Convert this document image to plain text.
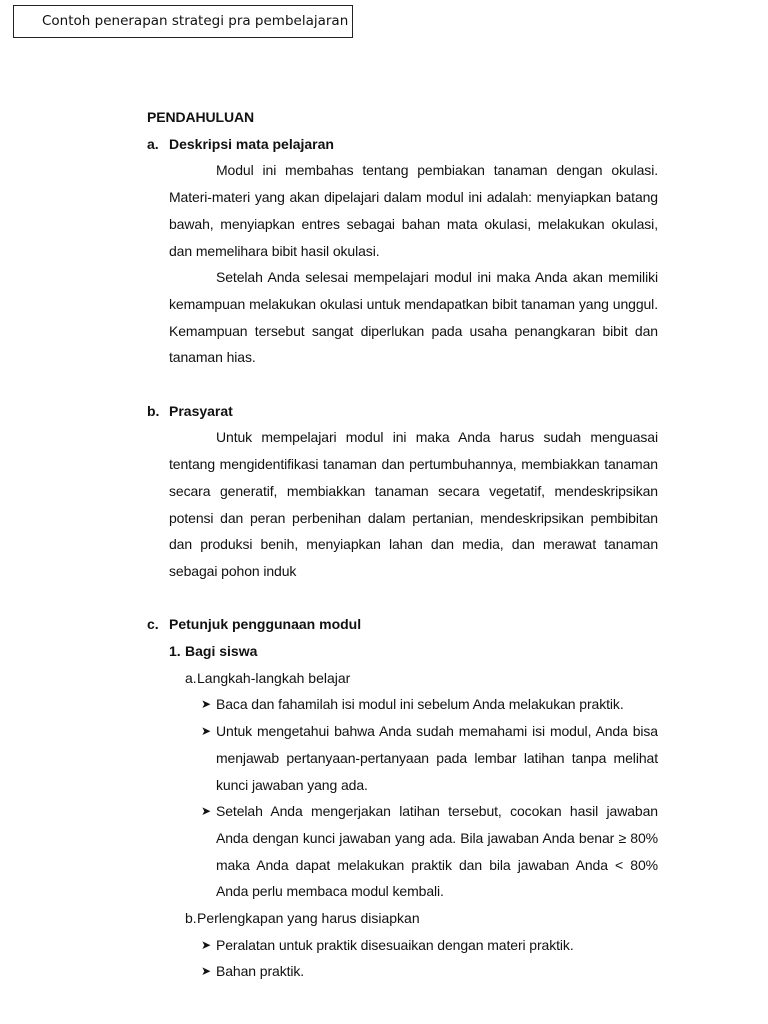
Contoh penerapan strategi pra pembelajaran
PENDAHULUAN
a. Deskripsi mata pelajaran

Modul ini membahas tentang pembiakan tanaman dengan okulasi. Materi-materi yang akan dipelajari dalam modul ini adalah: menyiapkan batang bawah, menyiapkan entres sebagai bahan mata okulasi, melakukan okulasi, dan memelihara bibit hasil okulasi.

Setelah Anda selesai mempelajari modul ini maka Anda akan memiliki kemampuan melakukan okulasi untuk mendapatkan bibit tanaman yang unggul. Kemampuan tersebut sangat diperlukan pada usaha penangkaran bibit dan tanaman hias.

b. Prasyarat

Untuk mempelajari modul ini maka Anda harus sudah menguasai tentang mengidentifikasi tanaman dan pertumbuhannya, membiakkan tanaman secara generatif, membiakkan tanaman secara vegetatif, mendeskripsikan potensi dan peran perbenihan dalam pertanian, mendeskripsikan pembibitan dan produksi benih, menyiapkan lahan dan media, dan merawat tanaman sebagai pohon induk

c. Petunjuk penggunaan modul
1. Bagi siswa
a. Langkah-langkah belajar
➤ Baca dan fahamilah isi modul ini sebelum Anda melakukan praktik.
➤ Untuk mengetahui bahwa Anda sudah memahami isi modul, Anda bisa menjawab pertanyaan-pertanyaan pada lembar latihan tanpa melihat kunci jawaban yang ada.
➤ Setelah Anda mengerjakan latihan tersebut, cocokan hasil jawaban Anda dengan kunci jawaban yang ada. Bila jawaban Anda benar ≥ 80% maka Anda dapat melakukan praktik dan bila jawaban Anda < 80% Anda perlu membaca modul kembali.
b. Perlengkapan yang harus disiapkan
➤ Peralatan untuk praktik disesuaikan dengan materi praktik.
➤ Bahan praktik.
